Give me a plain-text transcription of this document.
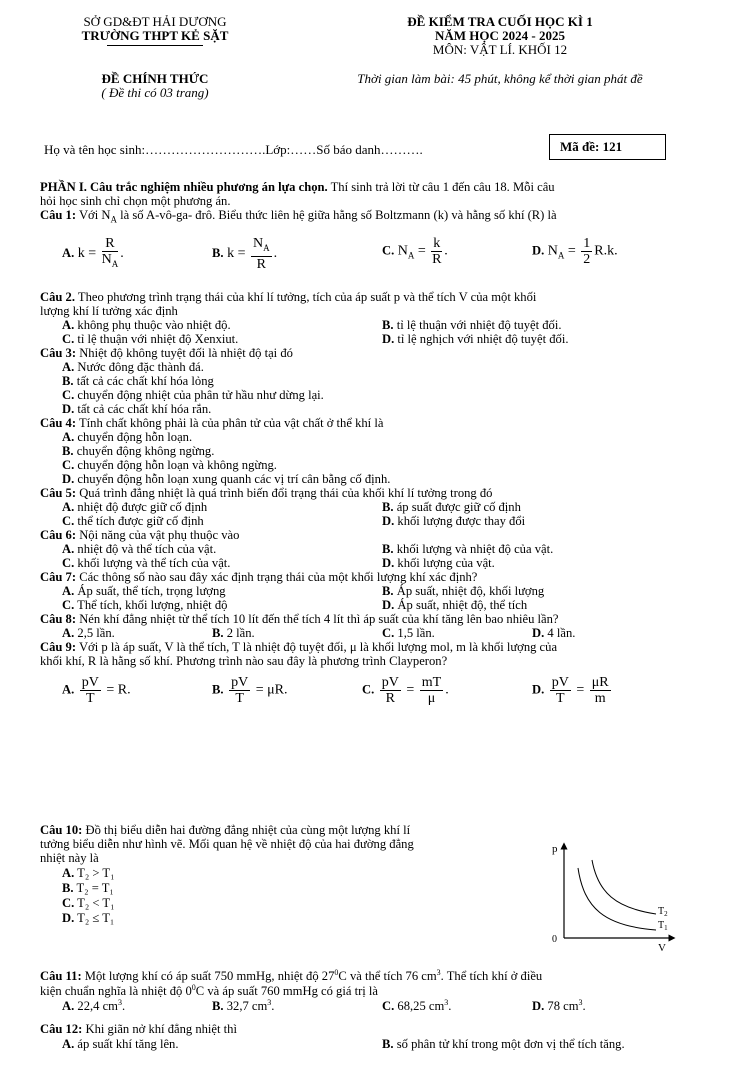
SỞ GD&ĐT HẢI DƯƠNG
TRƯỜNG THPT KẺ SẶT
ĐỀ KIỂM TRA CUỐI HỌC KÌ 1
NĂM HỌC 2024 - 2025
MÔN: VẬT LÍ. KHỐI 12
ĐỀ CHÍNH THỨC
( Đề thi có 03 trang)
Thời gian làm bài: 45 phút, không kể thời gian phát đề
Họ và tên học sinh:……………………….Lớp:……Số báo danh……….	Mã đề: 121
PHẦN I. Câu trắc nghiệm nhiều phương án lựa chọn. Thí sinh trả lời từ câu 1 đến câu 18. Mỗi câu
hỏi học sinh chỉ chọn một phương án.
Câu 1: Với $N_A$ là số A-vô-ga- đrô. Biểu thức liên hệ giữa hằng số Boltzmann (k) và hằng số khí (R) là
A. $k = \frac{R}{N_A}$ .	B. $k = \frac{N_A}{R}$ .	C. $N_A = \frac{k}{R}$ .	D. $N_A = \frac{1}{2} R.k$.
Câu 2. Theo phương trình trạng thái của khí lí tưởng, tích của áp suất p và thể tích V của một khối
lượng khí lí tưởng xác định
A. không phụ thuộc vào nhiệt độ.	B. tỉ lệ thuận với nhiệt độ tuyệt đối.
C. tỉ lệ thuận với nhiệt độ Xenxiut.	D. tỉ lệ nghịch với nhiệt độ tuyệt đối.
Câu 3: Nhiệt độ không tuyệt đối là nhiệt độ tại đó
A. Nước đông đặc thành đá.
B. tất cả các chất khí hóa lỏng
C. chuyển động nhiệt của phân tử hầu như dừng lại.
D. tất cả các chất khí hóa rắn.
Câu 4: Tính chất không phải là của phân tử của vật chất ở thể khí là
A. chuyển động hỗn loạn.
B. chuyển động không ngừng.
C. chuyển động hỗn loạn và không ngừng.
D. chuyển động hỗn loạn xung quanh các vị trí cân bằng cố định.
Câu 5: Quá trình đẳng nhiệt là quá trình biến đổi trạng thái của khối khí lí tưởng trong đó
A. nhiệt độ được giữ cố định	B. áp suất được giữ cố định
C. thể tích được giữ cố định	D. khối lượng được thay đổi
Câu 6: Nội năng của vật phụ thuộc vào
A. nhiệt độ và thể tích của vật.	B. khối lượng và nhiệt độ của vật.
C. khối lượng và thể tích của vật.	D. khối lượng của vật.
Câu 7: Các thông số nào sau đây xác định trạng thái của một khối lượng khí xác định?
A. Áp suất, thể tích, trọng lượng	B. Áp suất, nhiệt độ, khối lượng
C. Thể tích, khối lượng, nhiệt độ	D. Áp suất, nhiệt độ, thể tích
Câu 8: Nén khí đẳng nhiệt từ thể tích 10 lít đến thể tích 4 lít thì áp suất của khí tăng lên bao nhiêu lần?
A. 2,5 lần.	B. 2 lần.	C. 1,5 lần.	D. 4 lần.
Câu 9: Với p là áp suất, V là thể tích, T là nhiệt độ tuyệt đối, μ là khối lượng mol, m là khối lượng của
khối khí, R là hằng số khí. Phương trình nào sau đây là phương trình Clayperon?
A. $\frac{pV}{T} = R$.	B. $\frac{pV}{T} = \mu R$.	C. $\frac{pV}{R} = \frac{mT}{\mu}$ .	D. $\frac{pV}{T} = \frac{\mu R}{m}$
Câu 10: Đồ thị biểu diễn hai đường đẳng nhiệt của cùng một lượng khí lí
tưởng biểu diễn như hình vẽ. Mối quan hệ về nhiệt độ của hai đường đẳng
nhiệt này là
A. T₂ > T₁
B. T₂ = T₁
C. T₂ < T₁
D. T₂ ≤ T₁
p
V
0
$T_2$
$T_1$
Câu 11: Một lượng khí có áp suất 750 mmHg, nhiệt độ $27^0C$ và thể tích 76 $cm^3$. Thể tích khí ở điều
kiện chuẩn nghĩa là nhiệt độ $0^0C$ và áp suất 760 mmHg có giá trị là
A. 22,4 $cm^3$.	B. 32,7 $cm^3$.	C. 68,25 $cm^3$.	D. 78 $cm^3$.
Câu 12: Khi giãn nở khí đẳng nhiệt thì
A. áp suất khí tăng lên.	B. số phân tử khí trong một đơn vị thể tích tăng.
